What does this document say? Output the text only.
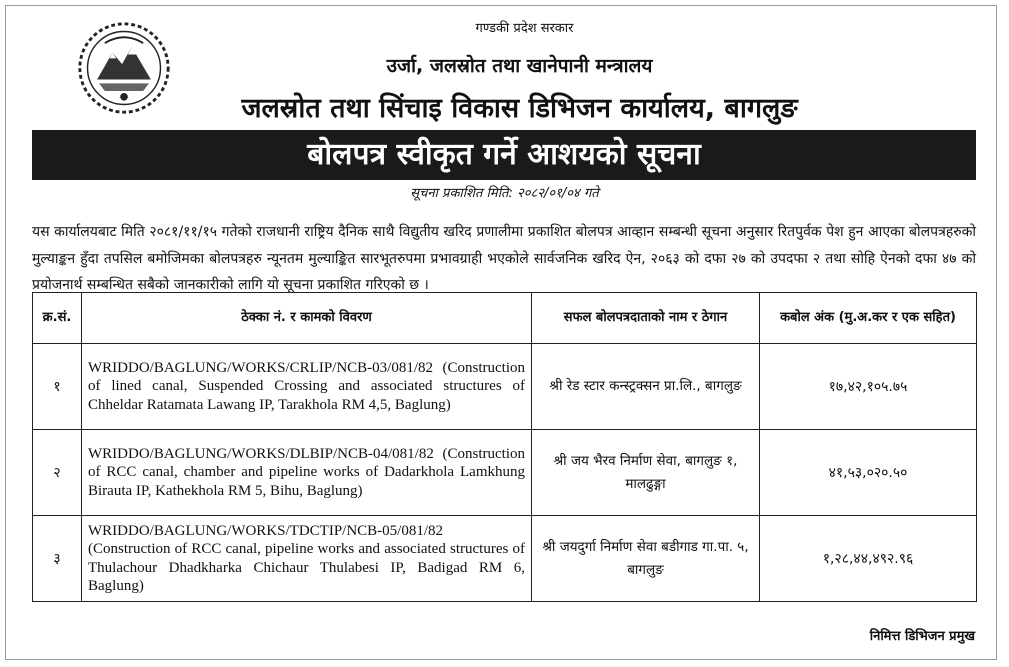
गण्डकी प्रदेश सरकार
उर्जा, जलस्रोत तथा खानेपानी मन्त्रालय
जलस्रोत तथा सिंचाइ विकास डिभिजन कार्यालय, बागलुङ
बोलपत्र स्वीकृत गर्ने आशयको सूचना
सूचना प्रकाशित मिति: २०८२/०१/०४ गते
यस कार्यालयबाट मिति २०८१/११/१५ गतेको राजधानी राष्ट्रिय दैनिक साथै विद्युतीय खरिद प्रणालीमा प्रकाशित बोलपत्र आव्हान सम्बन्धी सूचना अनुसार रितपुर्वक पेश हुन आएका बोलपत्रहरुको मुल्याङ्कन हुँदा तपसिल बमोजिमका बोलपत्रहरु न्यूनतम मुल्याङ्कित सारभूतरुपमा प्रभावग्राही भएकोले सार्वजनिक खरिद ऐन, २०६३ को दफा २७ को उपदफा २ तथा सोहि ऐनको दफा ४७ को प्रयोजनार्थ सम्बन्धित सबैको जानकारीको लागि यो सूचना प्रकाशित गरिएको छ ।
क्र.सं.	ठेक्का नं. र कामको विवरण	सफल बोलपत्रदाताको नाम र ठेगान	कबोल अंक (मु.अ.कर र एक सहित)
१	WRIDDO/BAGLUNG/WORKS/CRLIP/NCB-03/081/82 (Construction of lined canal, Suspended Crossing and associated structures of Chheldar Ratamata Lawang IP, Tarakhola RM 4,5, Baglung)	श्री रेड स्टार कन्स्ट्रक्सन प्रा.लि., बागलुङ	१७,४२,१०५.७५
२	WRIDDO/BAGLUNG/WORKS/DLBIP/NCB-04/081/82 (Construction of RCC canal, chamber and pipeline works of Dadarkhola Lamkhung Birauta IP, Kathekhola RM 5, Bihu, Baglung)	श्री जय भैरव निर्माण सेवा, बागलुङ १, मालढुङ्गा	४१,५३,०२०.५०
३	WRIDDO/BAGLUNG/WORKS/TDCTIP/NCB-05/081/82 (Construction of RCC canal, pipeline works and associated structures of Thulachour Dhadkharka Chichaur Thulabesi IP, Badigad RM 6, Baglung)	श्री जयदुर्गा निर्माण सेवा बडीगाड गा.पा. ५, बागलुङ	१,२८,४४,४९२.९६
निमित्त डिभिजन प्रमुख
